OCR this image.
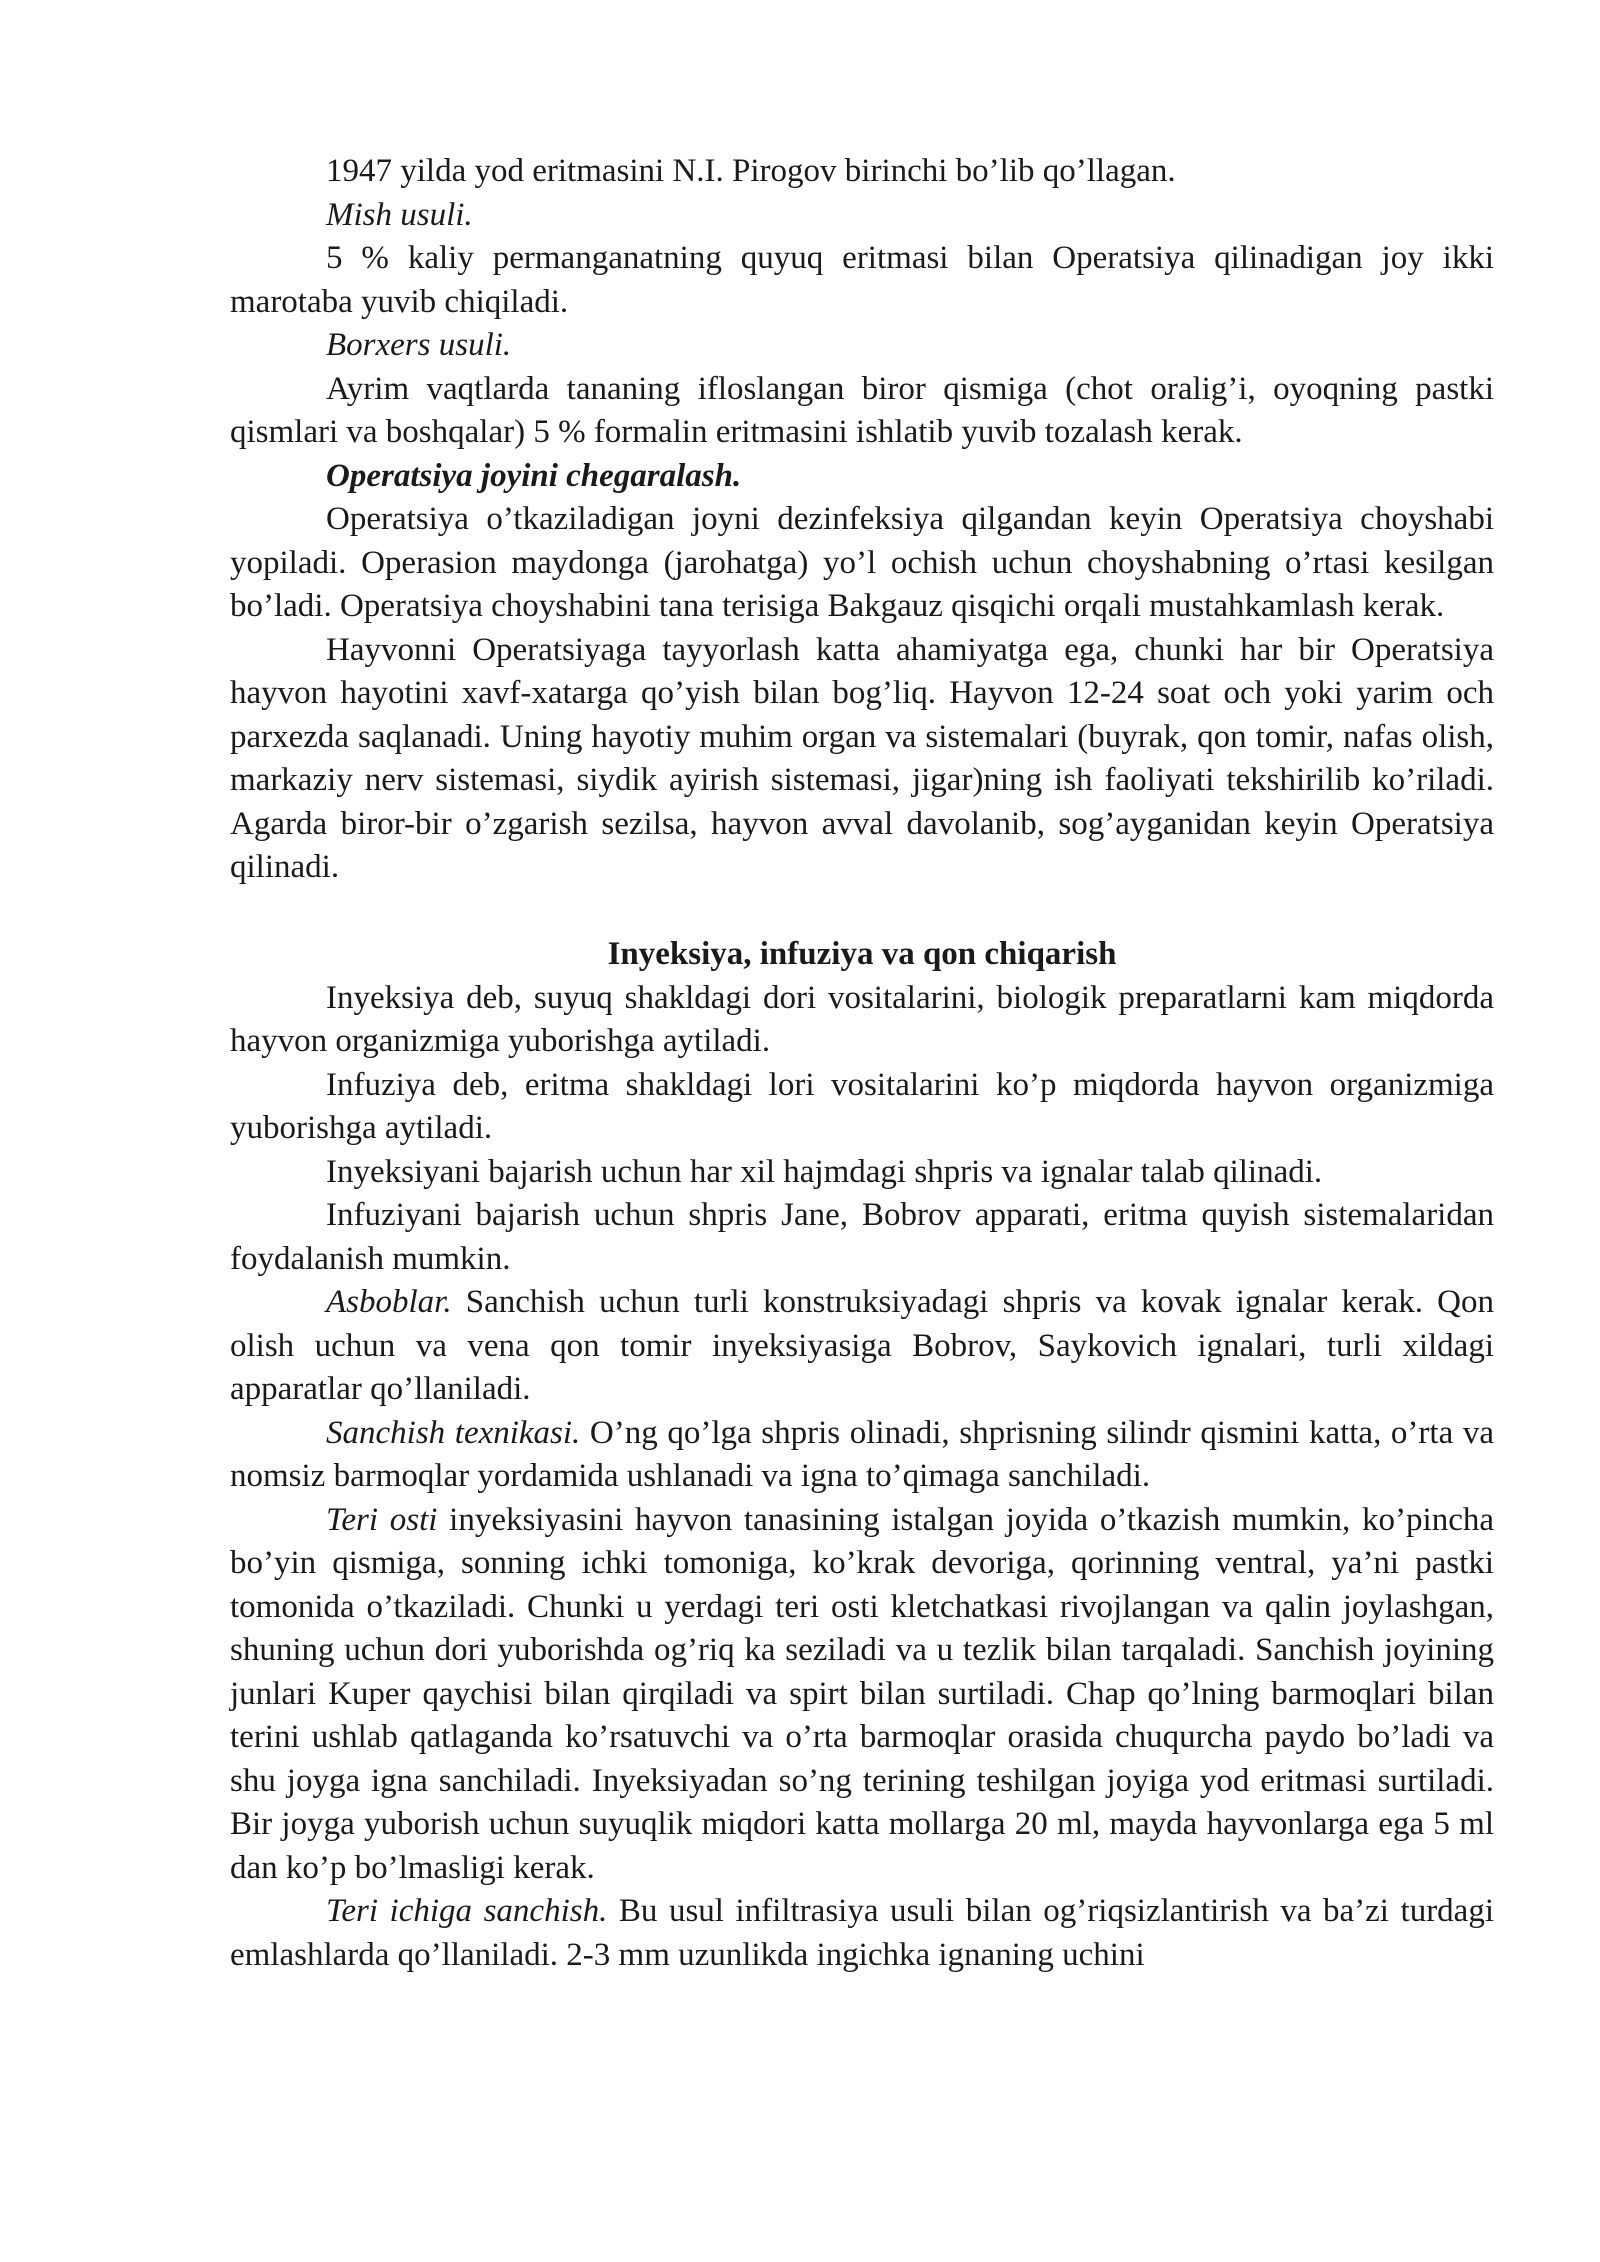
1947 yilda yod eritmasini N.I. Pirogov birinchi bo’lib qo’llagan.

Mish usuli.

5 % kaliy permanganatning quyuq eritmasi bilan Operatsiya qilinadigan joy ikki marotaba yuvib chiqiladi.

Borxers usuli.

Ayrim vaqtlarda tananing ifloslangan biror qismiga (chot oralig’i, oyoqning pastki qismlari va boshqalar) 5 % formalin eritmasini ishlatib yuvib tozalash kerak.

Operatsiya joyini chegaralash.

Operatsiya o’tkaziladigan joyni dezinfeksiya qilgandan keyin Operatsiya choyshabi yopiladi. Operasion maydonga (jarohatga) yo’l ochish uchun choyshabning o’rtasi kesilgan bo’ladi. Operatsiya choyshabini tana terisiga Bakgauz qisqichi orqali mustahkamlash kerak.

Hayvonni Operatsiyaga tayyorlash katta ahamiyatga ega, chunki har bir Operatsiya hayvon hayotini xavf-xatarga qo’yish bilan bog’liq. Hayvon 12-24 soat och yoki yarim och parxezda saqlanadi. Uning hayotiy muhim organ va sistemalari (buyrak, qon tomir, nafas olish, markaziy nerv sistemasi, siydik ayirish sistemasi, jigar)ning ish faoliyati tekshirilib ko’riladi. Agarda biror-bir o’zgarish sezilsa, hayvon avval davolanib, sog’ayganidan keyin Operatsiya qilinadi.

Inyeksiya, infuziya va qon chiqarish

Inyeksiya deb, suyuq shakldagi dori vositalarini, biologik preparatlarni kam miqdorda hayvon organizmiga yuborishga aytiladi.

Infuziya deb, eritma shakldagi lori vositalarini ko’p miqdorda hayvon organizmiga yuborishga aytiladi.

Inyeksiyani bajarish uchun har xil hajmdagi shpris va ignalar talab qilinadi.

Infuziyani bajarish uchun shpris Jane, Bobrov apparati, eritma quyish sistemalaridan foydalanish mumkin.

Asboblar. Sanchish uchun turli konstruksiyadagi shpris va kovak ignalar kerak. Qon olish uchun va vena qon tomir inyeksiyasiga Bobrov, Saykovich ignalari, turli xildagi apparatlar qo’llaniladi.

Sanchish texnikasi. O’ng qo’lga shpris olinadi, shprisning silindr qismini katta, o’rta va nomsiz barmoqlar yordamida ushlanadi va igna to’qimaga sanchiladi.

Teri osti inyeksiyasini hayvon tanasining istalgan joyida o’tkazish mumkin, ko’pincha bo’yin qismiga, sonning ichki tomoniga, ko’krak devoriga, qorinning ventral, ya’ni pastki tomonida o’tkaziladi. Chunki u yerdagi teri osti kletchatkasi rivojlangan va qalin joylashgan, shuning uchun dori yuborishda og’riq ka seziladi va u tezlik bilan tarqaladi. Sanchish joyining junlari Kuper qaychisi bilan qirqiladi va spirt bilan surtiladi. Chap qo’lning barmoqlari bilan terini ushlab qatlaganda ko’rsatuvchi va o’rta barmoqlar orasida chuqurcha paydo bo’ladi va shu joyga igna sanchiladi. Inyeksiyadan so’ng terining teshilgan joyiga yod eritmasi surtiladi. Bir joyga yuborish uchun suyuqlik miqdori katta mollarga 20 ml, mayda hayvonlarga ega 5 ml dan ko’p bo’lmasligi kerak.

Teri ichiga sanchish. Bu usul infiltrasiya usuli bilan og’riqsizlantirish va ba’zi turdagi emlashlarda qo’llaniladi. 2-3 mm uzunlikda ingichka ignaning uchini
